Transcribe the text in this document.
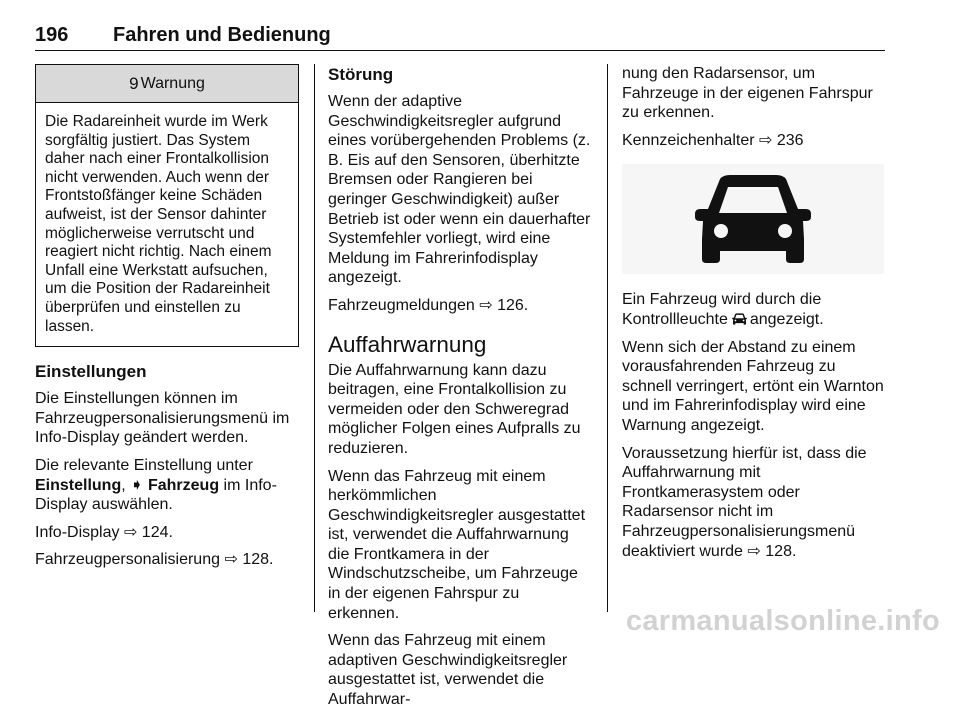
196 Fahren und Bedienung
9 Warnung
Die Radareinheit wurde im Werk sorgfältig justiert. Das System daher nach einer Frontalkollision nicht verwenden. Auch wenn der Frontstoßfänger keine Schäden aufweist, ist der Sensor dahinter möglicherweise verrutscht und reagiert nicht richtig. Nach einem Unfall eine Werkstatt aufsuchen, um die Position der Radareinheit überprüfen und einstellen zu lassen.
Einstellungen

Die Einstellungen können im Fahrzeugpersonalisierungsmenü im Info-Display geändert werden.

Die relevante Einstellung unter
Einstellung, ➧ Fahrzeug im Info-Display auswählen.

Info-Display ⇨ 124.

Fahrzeugpersonalisierung ⇨ 128.

Störung

Wenn der adaptive Geschwindigkeitsregler aufgrund eines vorübergehenden Problems (z. B. Eis auf den Sensoren, überhitzte Bremsen oder Rangieren bei geringer Geschwindigkeit) außer Betrieb ist oder wenn ein dauerhafter Systemfehler vorliegt, wird eine Meldung im Fahrerinfodisplay angezeigt.

Fahrzeugmeldungen ⇨ 126.

Auffahrwarnung

Die Auffahrwarnung kann dazu beitragen, eine Frontalkollision zu vermeiden oder den Schweregrad möglicher Folgen eines Aufpralls zu reduzieren.

Wenn das Fahrzeug mit einem herkömmlichen Geschwindigkeitsregler ausgestattet ist, verwendet die Auffahrwarnung die Frontkamera in der Windschutzscheibe, um Fahrzeuge in der eigenen Fahrspur zu erkennen.

Wenn das Fahrzeug mit einem adaptiven Geschwindigkeitsregler ausgestattet ist, verwendet die Auffahrwar-

nung den Radarsensor, um Fahrzeuge in der eigenen Fahrspur zu erkennen.

Kennzeichenhalter ⇨ 236

Ein Fahrzeug wird durch die Kontrollleuchte angezeigt.

Wenn sich der Abstand zu einem vorausfahrenden Fahrzeug zu schnell verringert, ertönt ein Warnton und im Fahrerinfodisplay wird eine Warnung angezeigt.

Voraussetzung hierfür ist, dass die Auffahrwarnung mit Frontkamerasystem oder Radarsensor nicht im Fahrzeugpersonalisierungsmenü deaktiviert wurde ⇨ 128.

carmanualsonline.info
